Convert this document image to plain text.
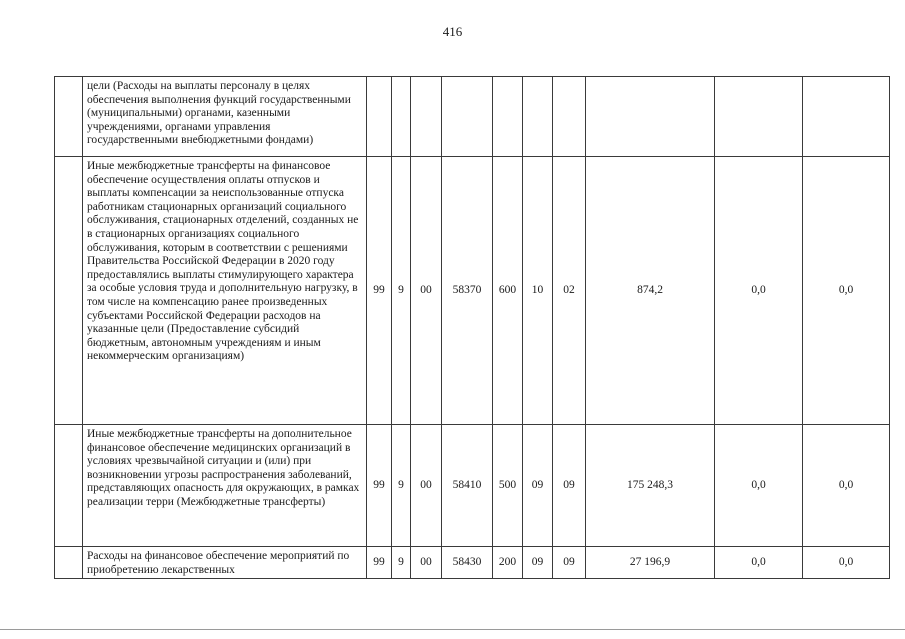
416
	цели (Расходы на выплаты персоналу в целях обеспечения выполнения функций государственными (муниципальными) органами, казенными учреждениями, органами управления государственными внебюджетными фондами)										
	Иные межбюджетные трансферты на финансовое обеспечение осуществления оплаты отпусков и выплаты компенсации за неиспользованные отпуска работникам стационарных организаций социального обслуживания, стационарных отделений, созданных не в стационарных организациях социального обслуживания, которым в соответствии с решениями Правительства Российской Федерации в 2020 году предоставлялись выплаты стимулирующего характера за особые условия труда и дополнительную нагрузку, в том числе на компенсацию ранее произведенных субъектами Российской Федерации расходов на указанные цели (Предоставление субсидий бюджетным, автономным учреждениям и иным некоммерческим организациям)	99	9	00	58370	600	10	02	874,2	0,0	0,0
	Иные межбюджетные трансферты на дополнительное финансовое обеспечение медицинских организаций в условиях чрезвычайной ситуации и (или) при возникновении угрозы распространения заболеваний, представляющих опасность для окружающих, в рамках реализации терри (Межбюджетные трансферты)	99	9	00	58410	500	09	09	175 248,3	0,0	0,0
	Расходы на финансовое обеспечение мероприятий по приобретению лекарственных	99	9	00	58430	200	09	09	27 196,9	0,0	0,0
